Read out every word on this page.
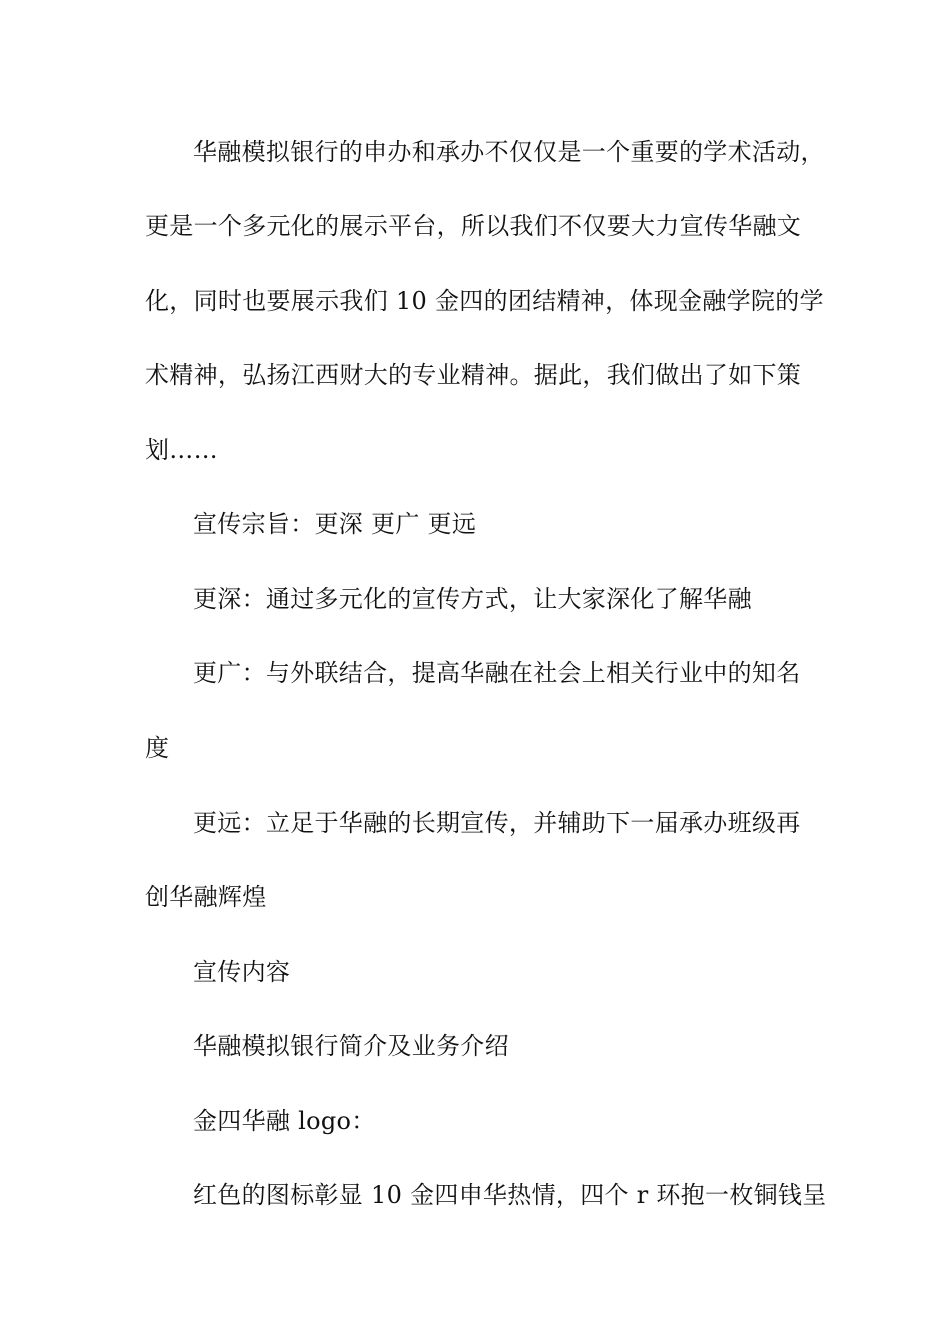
华融模拟银行的申办和承办不仅仅是一个重要的学术活动，
更是一个多元化的展示平台，所以我们不仅要大力宣传华融文
化，同时也要展示我们 10 金四的团结精神，体现金融学院的学
术精神，弘扬江西财大的专业精神。据此，我们做出了如下策
划……
宣传宗旨：更深 更广 更远
更深：通过多元化的宣传方式，让大家深化了解华融
更广：与外联结合，提高华融在社会上相关行业中的知名
度
更远：立足于华融的长期宣传，并辅助下一届承办班级再
创华融辉煌
宣传内容
华融模拟银行简介及业务介绍
金四华融 logo：
红色的图标彰显 10 金四申华热情，四个 r 环抱一枚铜钱呈
